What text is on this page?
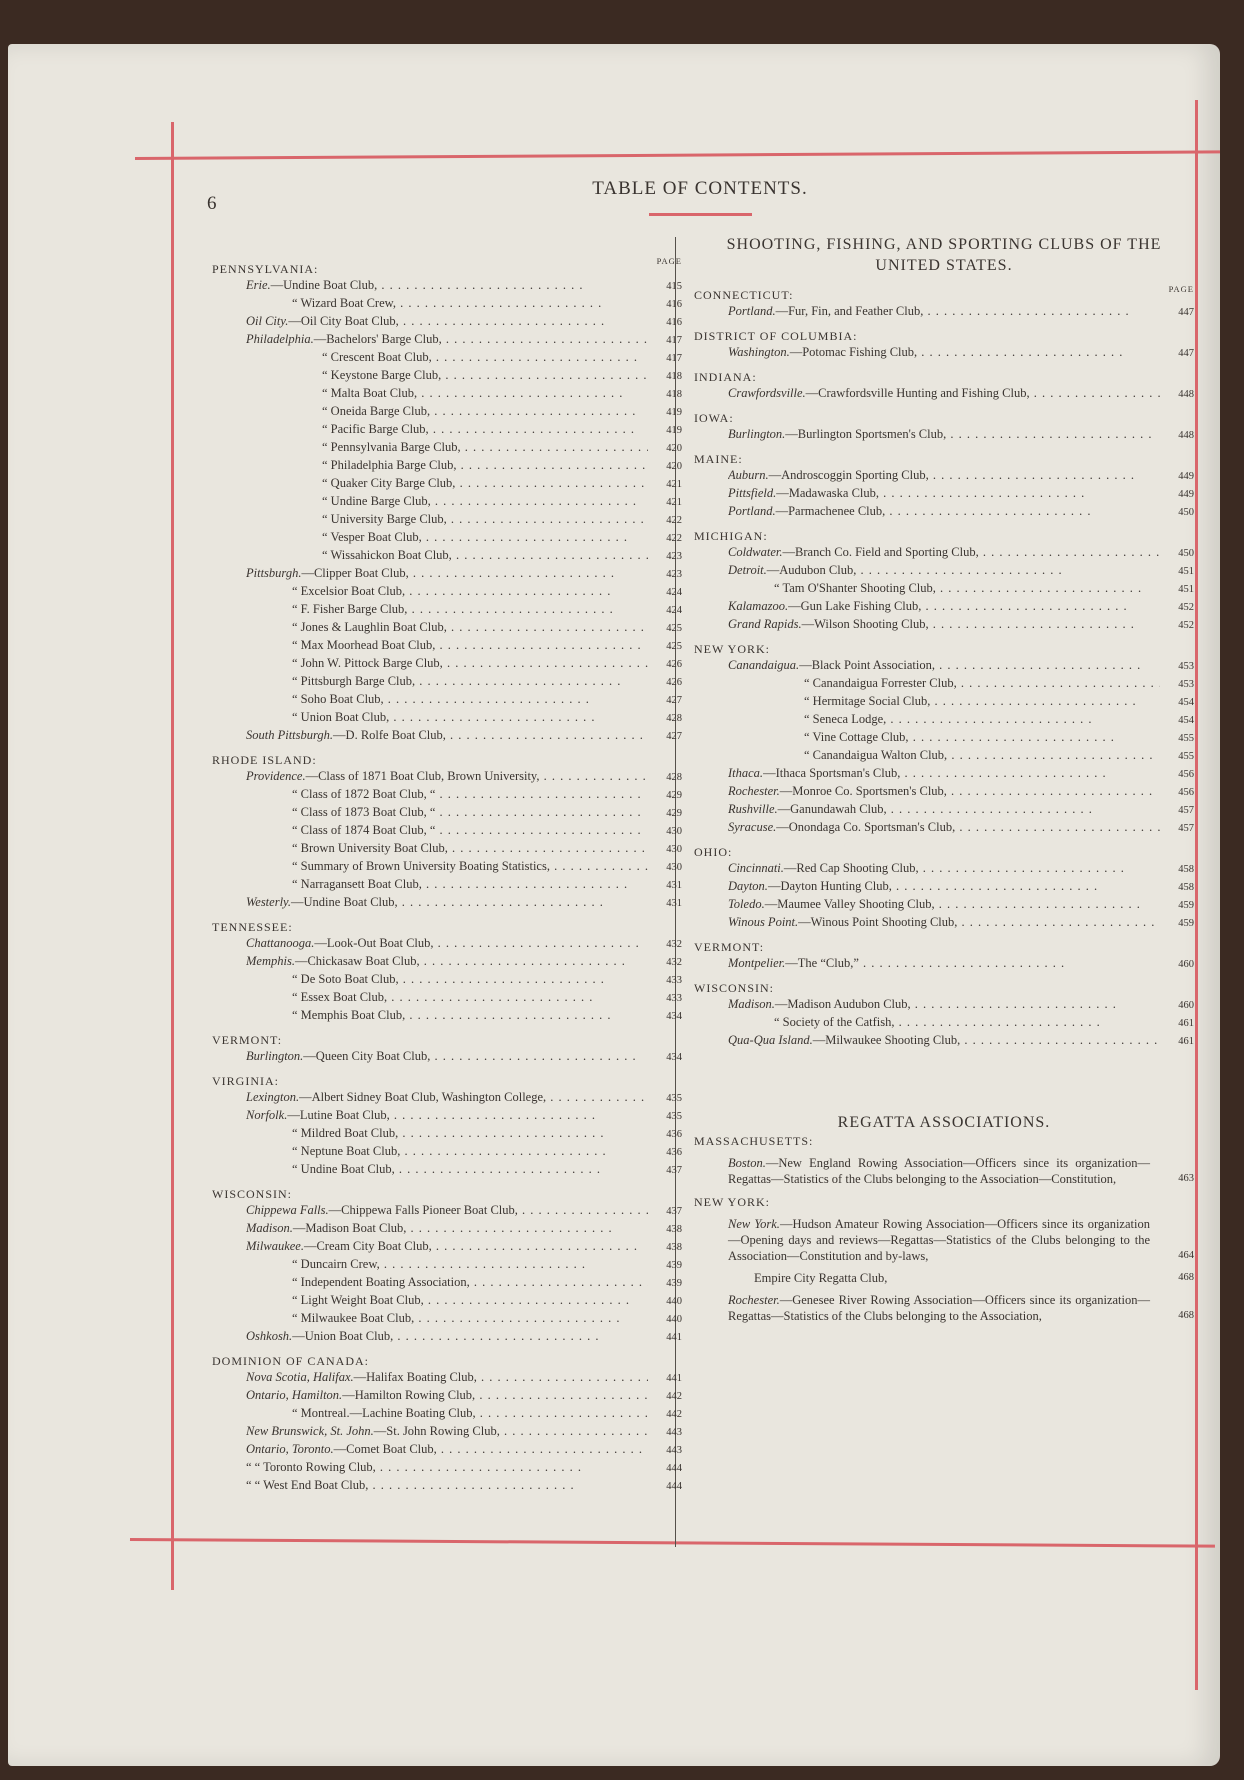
6
TABLE OF CONTENTS.
PAGE
PENNSYLVANIA:
Erie.—Undine Boat Club, . .	415
“ Wizard Boat Crew, . .	416
Oil City.—Oil City Boat Club, . .	416
Philadelphia.—Bachelors' Barge Club, . .	417
“ Crescent Boat Club, . .	417
“ Keystone Barge Club, . .	418
“ Malta Boat Club, . .	418
“ Oneida Barge Club, . .	419
“ Pacific Barge Club, . .	419
“ Pennsylvania Barge Club, . .	420
“ Philadelphia Barge Club, . .	420
“ Quaker City Barge Club, . .	421
“ Undine Barge Club, . .	421
“ University Barge Club, . .	422
“ Vesper Boat Club, . .	422
“ Wissahickon Boat Club, . .	423
Pittsburgh.—Clipper Boat Club, . .	423
“ Excelsior Boat Club, . .	424
“ F. Fisher Barge Club, . .	424
“ Jones & Laughlin Boat Club, . .	425
“ Max Moorhead Boat Club, . .	425
“ John W. Pittock Barge Club, . .	426
“ Pittsburgh Barge Club, . .	426
“ Soho Boat Club, . .	427
“ Union Boat Club, . .	428
South Pittsburgh.—D. Rolfe Boat Club, . .	427
RHODE ISLAND:
Providence.—Class of 1871 Boat Club, Brown University, . .	428
“ Class of 1872 Boat Club, “ . .	429
“ Class of 1873 Boat Club, “ . .	429
“ Class of 1874 Boat Club, “ . .	430
“ Brown University Boat Club, . .	430
“ Summary of Brown University Boating Statistics, . .	430
“ Narragansett Boat Club, . .	431
Westerly.—Undine Boat Club, . .	431
TENNESSEE:
Chattanooga.—Look-Out Boat Club, . .	432
Memphis.—Chickasaw Boat Club, . .	432
“ De Soto Boat Club, . .	433
“ Essex Boat Club, . .	433
“ Memphis Boat Club, . .	434
VERMONT:
Burlington.—Queen City Boat Club, . .	434
VIRGINIA:
Lexington.—Albert Sidney Boat Club, Washington College, . .	435
Norfolk.—Lutine Boat Club, . .	435
“ Mildred Boat Club, . .	436
“ Neptune Boat Club, . .	436
“ Undine Boat Club, . .	437
WISCONSIN:
Chippewa Falls.—Chippewa Falls Pioneer Boat Club, . .	437
Madison.—Madison Boat Club, . .	438
Milwaukee.—Cream City Boat Club, . .	438
“ Duncairn Crew, . .	439
“ Independent Boating Association, . .	439
“ Light Weight Boat Club, . .	440
“ Milwaukee Boat Club, . .	440
Oshkosh.—Union Boat Club, . .	441
DOMINION OF CANADA:
Nova Scotia, Halifax.—Halifax Boating Club, . .	441
Ontario, Hamilton.—Hamilton Rowing Club, . .	442
“ Montreal.—Lachine Boating Club, . .	442
New Brunswick, St. John.—St. John Rowing Club, . .	443
Ontario, Toronto.—Comet Boat Club, . .	443
“ “ Toronto Rowing Club, . .	444
“ “ West End Boat Club, . .	444
SHOOTING, FISHING, AND SPORTING CLUBS OF THE UNITED STATES.
PAGE
CONNECTICUT:
Portland.—Fur, Fin, and Feather Club, . .	447
DISTRICT OF COLUMBIA:
Washington.—Potomac Fishing Club, . .	447
INDIANA:
Crawfordsville.—Crawfordsville Hunting and Fishing Club, . .	448
IOWA:
Burlington.—Burlington Sportsmen's Club, . .	448
MAINE:
Auburn.—Androscoggin Sporting Club, . .	449
Pittsfield.—Madawaska Club, . .	449
Portland.—Parmachenee Club, . .	450
MICHIGAN:
Coldwater.—Branch Co. Field and Sporting Club, . .	450
Detroit.—Audubon Club, . .	451
“ Tam O'Shanter Shooting Club, . .	451
Kalamazoo.—Gun Lake Fishing Club, . .	452
Grand Rapids.—Wilson Shooting Club, . .	452
NEW YORK:
Canandaigua.—Black Point Association, . .	453
“ Canandaigua Forrester Club, . .	453
“ Hermitage Social Club, . .	454
“ Seneca Lodge, . .	454
“ Vine Cottage Club, . .	455
“ Canandaigua Walton Club, . .	455
Ithaca.—Ithaca Sportsman's Club, . .	456
Rochester.—Monroe Co. Sportsmen's Club, . .	456
Rushville.—Ganundawah Club, . .	457
Syracuse.—Onondaga Co. Sportsman's Club, . .	457
OHIO:
Cincinnati.—Red Cap Shooting Club, . .	458
Dayton.—Dayton Hunting Club, . .	458
Toledo.—Maumee Valley Shooting Club, . .	459
Winous Point.—Winous Point Shooting Club, . .	459
VERMONT:
Montpelier.—The “Club,” . .	460
WISCONSIN:
Madison.—Madison Audubon Club, . .	460
“ Society of the Catfish, . .	461
Qua-Qua Island.—Milwaukee Shooting Club, . .	461
REGATTA ASSOCIATIONS.
MASSACHUSETTS:
Boston.—New England Rowing Association—Officers since its organization—Regattas—Statistics of the Clubs belonging to the Association—Constitution,	463
NEW YORK:
New York.—Hudson Amateur Rowing Association—Officers since its organization—Opening days and reviews—Regattas—Statistics of the Clubs belonging to the Association—Constitution and by-laws,	464
Empire City Regatta Club,	468
Rochester.—Genesee River Rowing Association—Officers since its organization—Regattas—Statistics of the Clubs belonging to the Association,	468
